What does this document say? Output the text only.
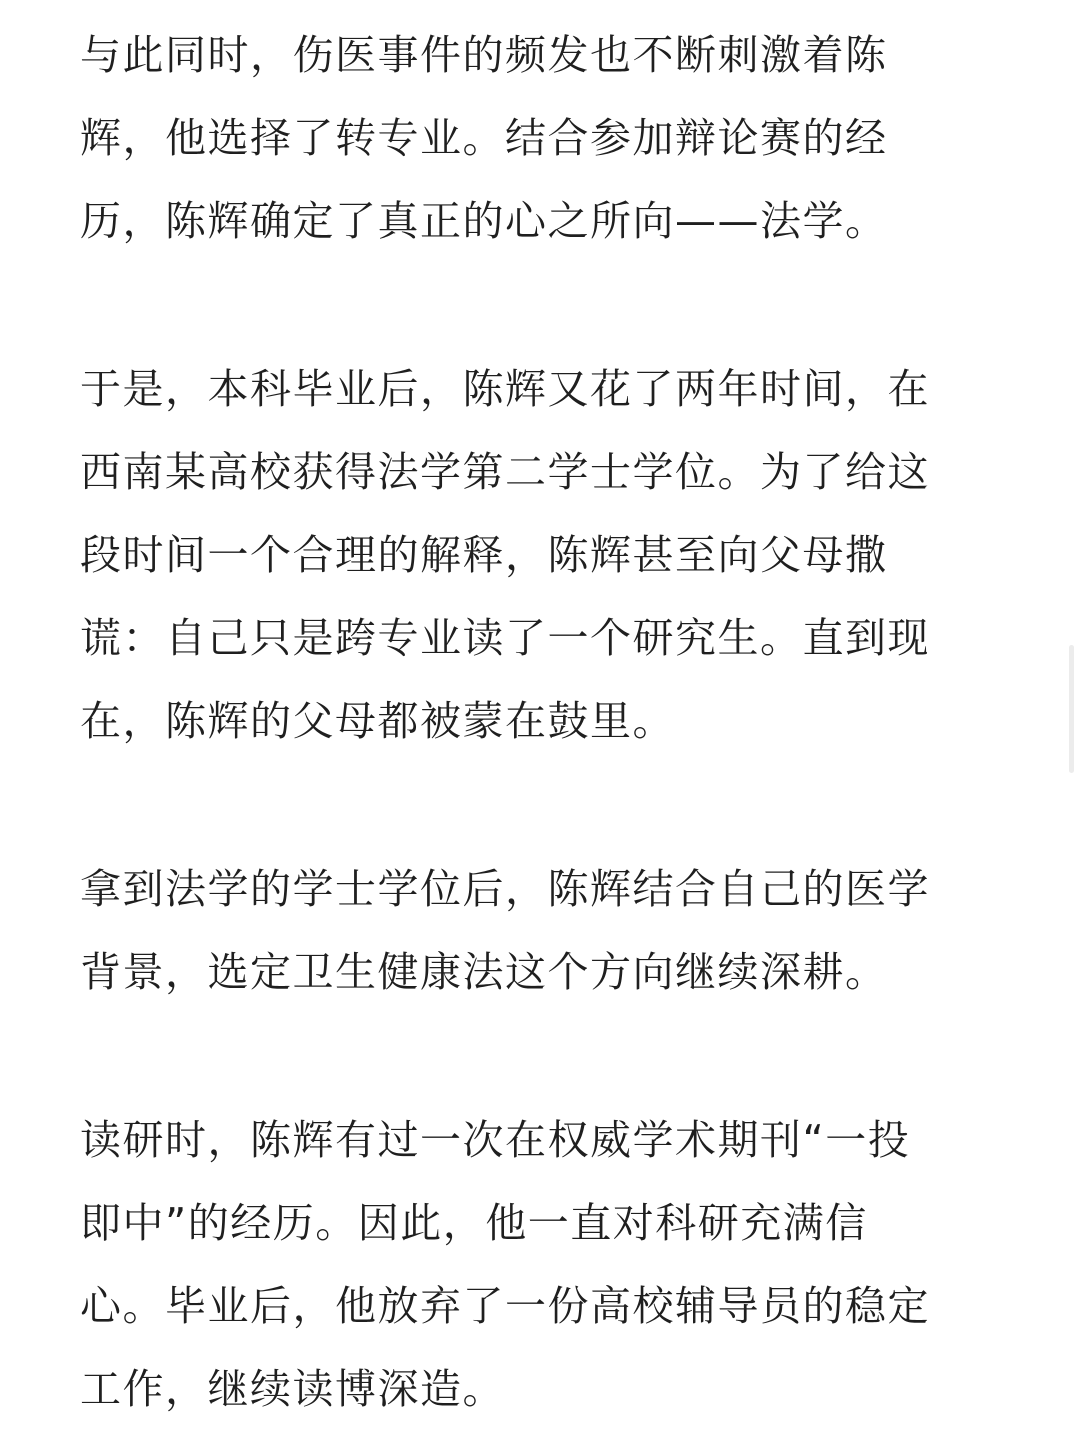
与此同时，伤医事件的频发也不断刺激着陈
辉，他选择了转专业。结合参加辩论赛的经
历，陈辉确定了真正的心之所向——法学。

于是，本科毕业后，陈辉又花了两年时间，在
西南某高校获得法学第二学士学位。为了给这
段时间一个合理的解释，陈辉甚至向父母撒
谎：自己只是跨专业读了一个研究生。直到现
在，陈辉的父母都被蒙在鼓里。

拿到法学的学士学位后，陈辉结合自己的医学
背景，选定卫生健康法这个方向继续深耕。

读研时，陈辉有过一次在权威学术期刊“一投
即中”的经历。因此，他一直对科研充满信
心。毕业后，他放弃了一份高校辅导员的稳定
工作，继续读博深造。
